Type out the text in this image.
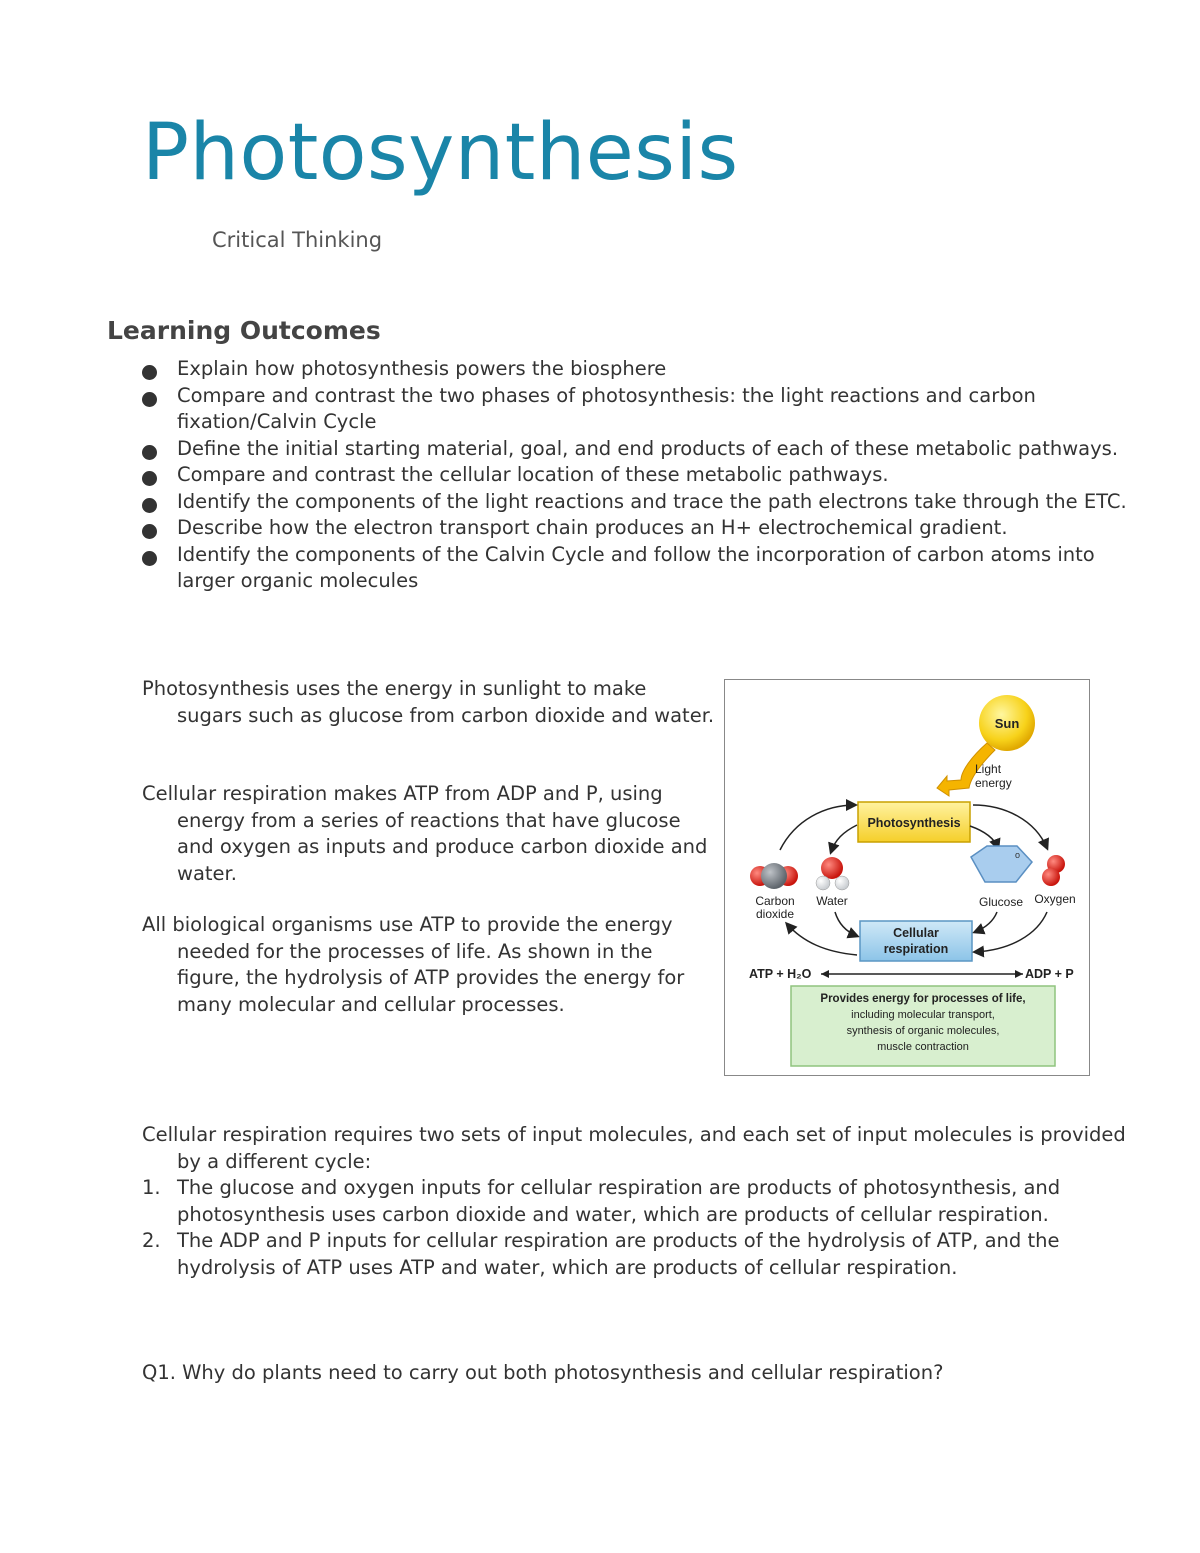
Photosynthesis
Critical Thinking
Learning Outcomes
Explain how photosynthesis powers the biosphere
Compare and contrast the two phases of photosynthesis: the light reactions and carbon fixation/Calvin Cycle
Define the initial starting material, goal, and end products of each of these metabolic pathways.
Compare and contrast the cellular location of these metabolic pathways.
Identify the components of the light reactions and trace the path electrons take through the ETC.
Describe how the electron transport chain produces an H+ electrochemical gradient.
Identify the components of the Calvin Cycle and follow the incorporation of carbon atoms into larger organic molecules

Photosynthesis uses the energy in sunlight to make sugars such as glucose from carbon dioxide and water.

Cellular respiration makes ATP from ADP and P, using energy from a series of reactions that have glucose and oxygen as inputs and produce carbon dioxide and water.

All biological organisms use ATP to provide the energy needed for the processes of life. As shown in the figure, the hydrolysis of ATP provides the energy for many molecular and cellular processes.

Sun
Light
energy
Photosynthesis
Carbon
dioxide
Water
o
Glucose Oxygen
Cellular
respiration
ATP + H₂O	ADP + P
Provides energy for processes of life,
including molecular transport,
synthesis of organic molecules,
muscle contraction

Cellular respiration requires two sets of input molecules, and each set of input molecules is provided by a different cycle:

1. The glucose and oxygen inputs for cellular respiration are products of photosynthesis, and photosynthesis uses carbon dioxide and water, which are products of cellular respiration.
2. The ADP and P inputs for cellular respiration are products of the hydrolysis of ATP, and the hydrolysis of ATP uses ATP and water, which are products of cellular respiration.
Q1. Why do plants need to carry out both photosynthesis and cellular respiration?
